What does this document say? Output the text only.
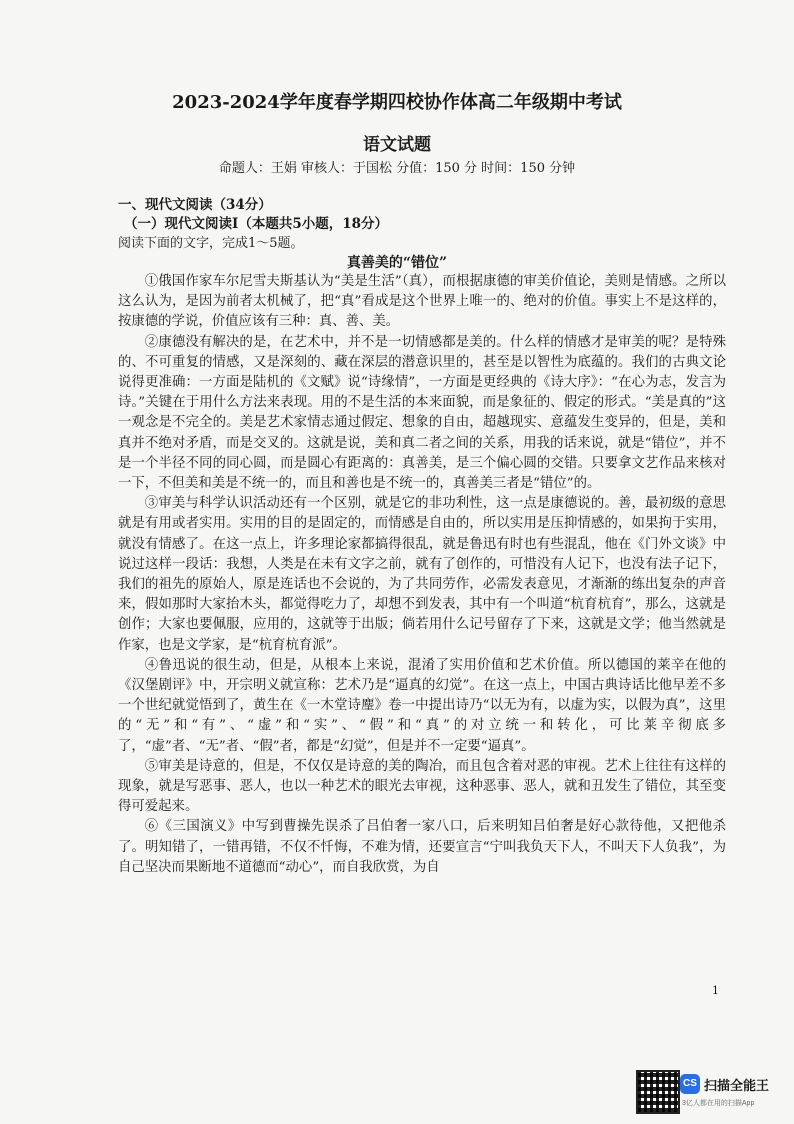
2023-2024学年度春学期四校协作体高二年级期中考试
语文试题
命题人：王娟 审核人：于国松 分值：150 分 时间：150 分钟
一、现代文阅读（34分）
（一）现代文阅读Ⅰ（本题共5小题，18分）
阅读下面的文字，完成1～5题。
真善美的“错位”

①俄国作家车尔尼雪夫斯基认为“美是生活”（真），而根据康德的审美价值论，美则是情感。之所以这么认为，是因为前者太机械了，把“真”看成是这个世界上唯一的、绝对的价值。事实上不是这样的，按康德的学说，价值应该有三种：真、善、美。

②康德没有解决的是，在艺术中，并不是一切情感都是美的。什么样的情感才是审美的呢？是特殊的、不可重复的情感，又是深刻的、藏在深层的潜意识里的，甚至是以智性为底蕴的。我们的古典文论说得更准确：一方面是陆机的《文赋》说“诗缘情”，一方面是更经典的《诗大序》：“在心为志，发言为诗。”关键在于用什么方法来表现。用的不是生活的本来面貌，而是象征的、假定的形式。“美是真的”这一观念是不完全的。美是艺术家情志通过假定、想象的自由，超越现实、意蕴发生变异的，但是，美和真并不绝对矛盾，而是交叉的。这就是说，美和真二者之间的关系，用我的话来说，就是“错位”，并不是一个半径不同的同心圆，而是圆心有距离的：真善美，是三个偏心圆的交错。只要拿文艺作品来核对一下，不但美和美是不统一的，而且和善也是不统一的，真善美三者是“错位”的。

③审美与科学认识活动还有一个区别，就是它的非功利性，这一点是康德说的。善，最初级的意思就是有用或者实用。实用的目的是固定的，而情感是自由的，所以实用是压抑情感的，如果拘于实用，就没有情感了。在这一点上，许多理论家都搞得很乱，就是鲁迅有时也有些混乱，他在《门外文谈》中说过这样一段话：我想，人类是在未有文字之前，就有了创作的，可惜没有人记下，也没有法子记下，我们的祖先的原始人，原是连话也不会说的，为了共同劳作，必需发表意见，才渐渐的练出复杂的声音来，假如那时大家抬木头，都觉得吃力了，却想不到发表，其中有一个叫道“杭育杭育”，那么，这就是创作；大家也要佩服，应用的，这就等于出版；倘若用什么记号留存了下来，这就是文学；他当然就是作家，也是文学家，是“杭育杭育派”。

④鲁迅说的很生动，但是，从根本上来说，混淆了实用价值和艺术价值。所以德国的莱辛在他的《汉堡剧评》中，开宗明义就宣称：艺术乃是“逼真的幻觉”。在这一点上，中国古典诗话比他早差不多一个世纪就觉悟到了，黄生在《一木堂诗麈》卷一中提出诗乃“以无为有，以虚为实，以假为真”，这里的“无”和“有”、“虚”和“实”、“假”和“真”的对立统一和转化，可比莱辛彻底多了，“虚”者、“无”者、“假”者，都是“幻觉”，但是并不一定要“逼真”。

⑤审美是诗意的，但是，不仅仅是诗意的美的陶冶，而且包含着对恶的审视。艺术上往往有这样的现象，就是写恶事、恶人，也以一种艺术的眼光去审视，这种恶事、恶人，就和丑发生了错位，其至变得可爱起来。

⑥《三国演义》中写到曹操先误杀了吕伯奢一家八口，后来明知吕伯奢是好心款待他，又把他杀了。明知错了，一错再错，不仅不忏悔，不难为情，还要宣言“宁叫我负天下人，不叫天下人负我”，为自己坚决而果断地不道德而“动心”，而自我欣赏，为自

1
CS 扫描全能王
3亿人都在用的扫描App
